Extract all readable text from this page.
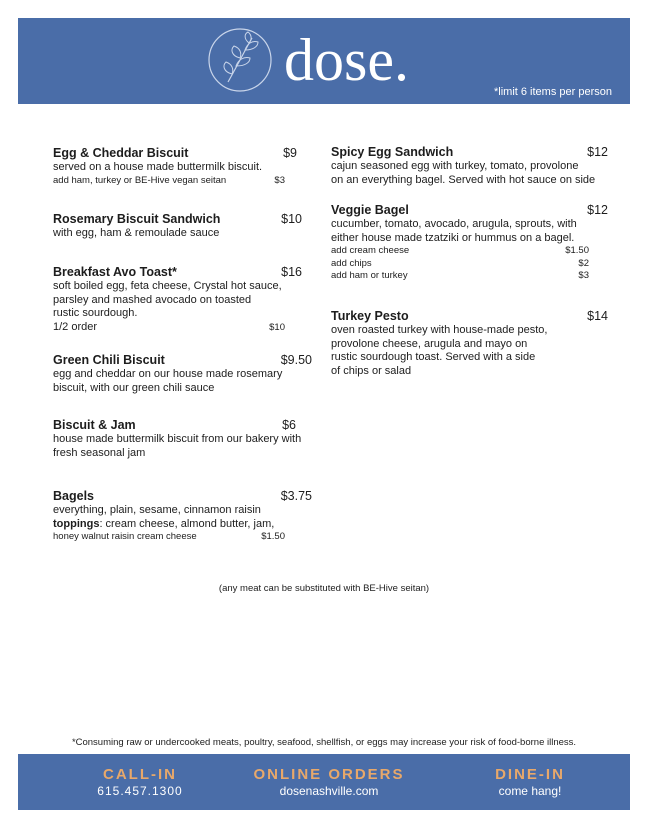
dose.	*limit 6 items per person
Egg & Cheddar Biscuit	$9
served on a house made buttermilk biscuit.
add ham, turkey or BE-Hive vegan seitan	$3
Rosemary Biscuit Sandwich	$10
with egg, ham & remoulade sauce
Breakfast Avo Toast*	$16
soft boiled egg, feta cheese, Crystal hot sauce,
parsley and mashed avocado on toasted
rustic sourdough.
1/2 order	$10
Green Chili Biscuit	$9.50
egg and cheddar on our house made rosemary
biscuit, with our green chili sauce
Biscuit & Jam	$6
house made buttermilk biscuit from our bakery with
fresh seasonal jam
Bagels	$3.75
everything, plain, sesame, cinnamon raisin
toppings: cream cheese, almond butter, jam,
honey walnut raisin cream cheese	$1.50
Spicy Egg Sandwich	$12
cajun seasoned egg with turkey, tomato, provolone
on an everything bagel. Served with hot sauce on side
Veggie Bagel	$12
cucumber, tomato, avocado, arugula, sprouts, with
either house made tzatziki or hummus on a bagel.
add cream cheese	$1.50
add chips	$2
add ham or turkey	$3
Turkey Pesto	$14
oven roasted turkey with house-made pesto,
provolone cheese, arugula and mayo on
rustic sourdough toast. Served with a side
of chips or salad
(any meat can be substituted with BE-Hive seitan)
*Consuming raw or undercooked meats, poultry, seafood, shellfish, or eggs may increase your risk of food-borne illness.
CALL-IN
615.457.1300
ONLINE ORDERS
dosenashville.com
DINE-IN
come hang!
